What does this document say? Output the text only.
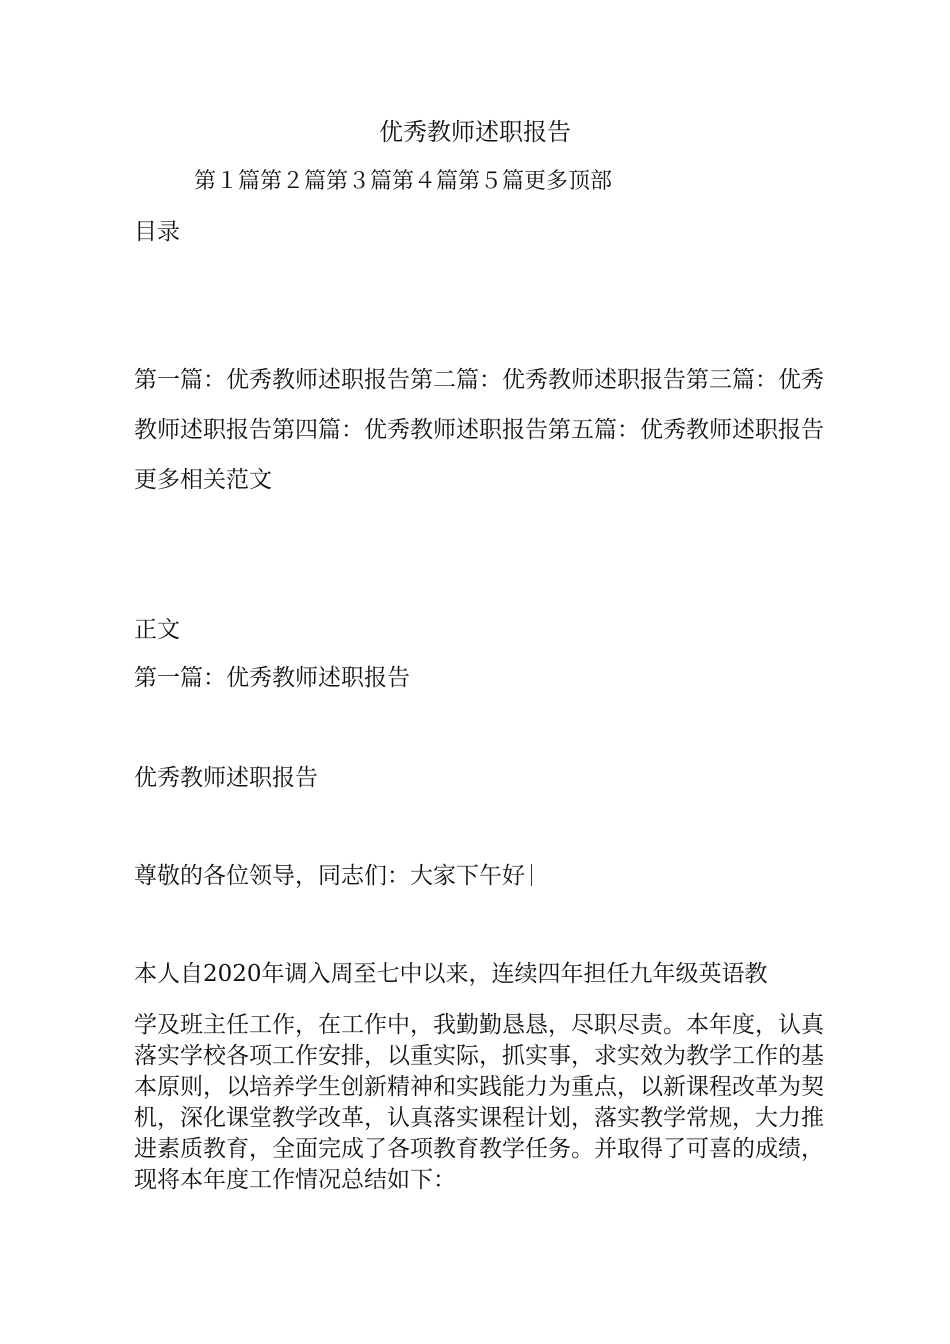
优秀教师述职报告
第１篇第２篇第３篇第４篇第５篇更多顶部
目录

第一篇：优秀教师述职报告第二篇：优秀教师述职报告第三篇：优秀教师述职报告第四篇：优秀教师述职报告第五篇：优秀教师述职报告更多相关范文

正文
第一篇：优秀教师述职报告
优秀教师述职报告
尊敬的各位领导，同志们：大家下午好
本人自2020年调入周至七中以来，连续四年担任九年级英语教

学及班主任工作，在工作中，我勤勤恳恳，尽职尽责。本年度，认真落实学校各项工作安排，以重实际，抓实事，求实效为教学工作的基本原则，以培养学生创新精神和实践能力为重点，以新课程改革为契机，深化课堂教学改革，认真落实课程计划，落实教学常规，大力推进素质教育，全面完成了各项教育教学任务。并取得了可喜的成绩，现将本年度工作情况总结如下：
